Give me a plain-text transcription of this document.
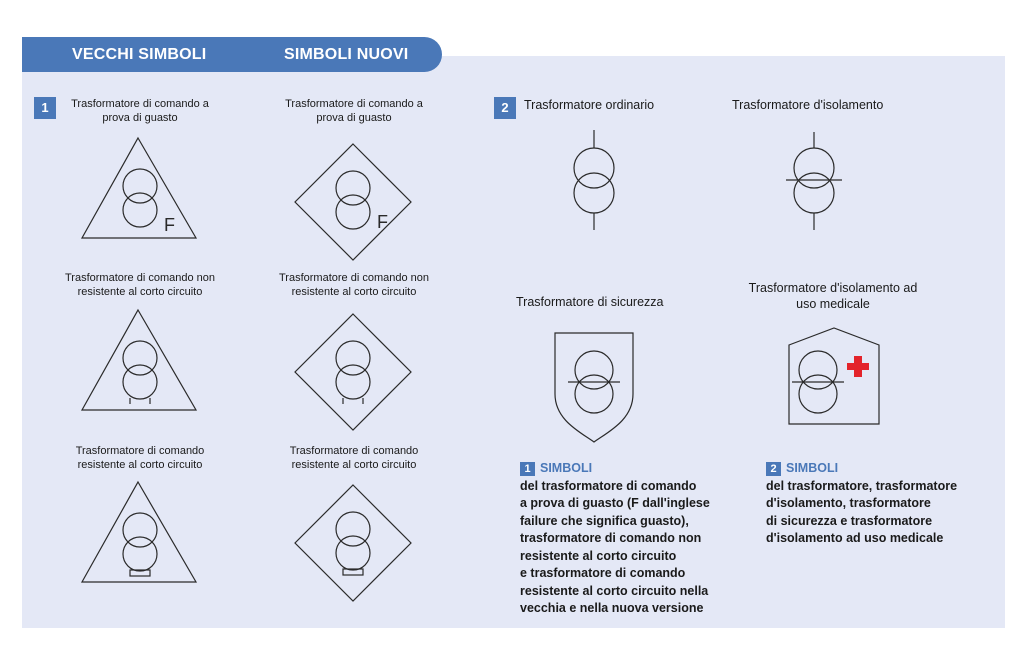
VECCHI SIMBOLI	SIMBOLI NUOVI
1	2
Trasformatore di comando a prova di guasto
F
Trasformatore di comando non resistente al corto circuito
Trasformatore di comando resistente al corto circuito
Trasformatore di comando a prova di guasto
F
Trasformatore di comando non resistente al corto circuito
Trasformatore di comando resistente al corto circuito
Trasformatore ordinario	Trasformatore d'isolamento
Trasformatore di sicurezza
Trasformatore d'isolamento ad uso medicale
1 SIMBOLI
del trasformatore di comando
a prova di guasto (F dall'inglese
failure che significa guasto),
trasformatore di comando non
resistente al corto circuito
e trasformatore di comando
resistente al corto circuito nella
vecchia e nella nuova versione
2 SIMBOLI
del trasformatore, trasformatore
d'isolamento, trasformatore
di sicurezza e trasformatore
d'isolamento ad uso medicale
